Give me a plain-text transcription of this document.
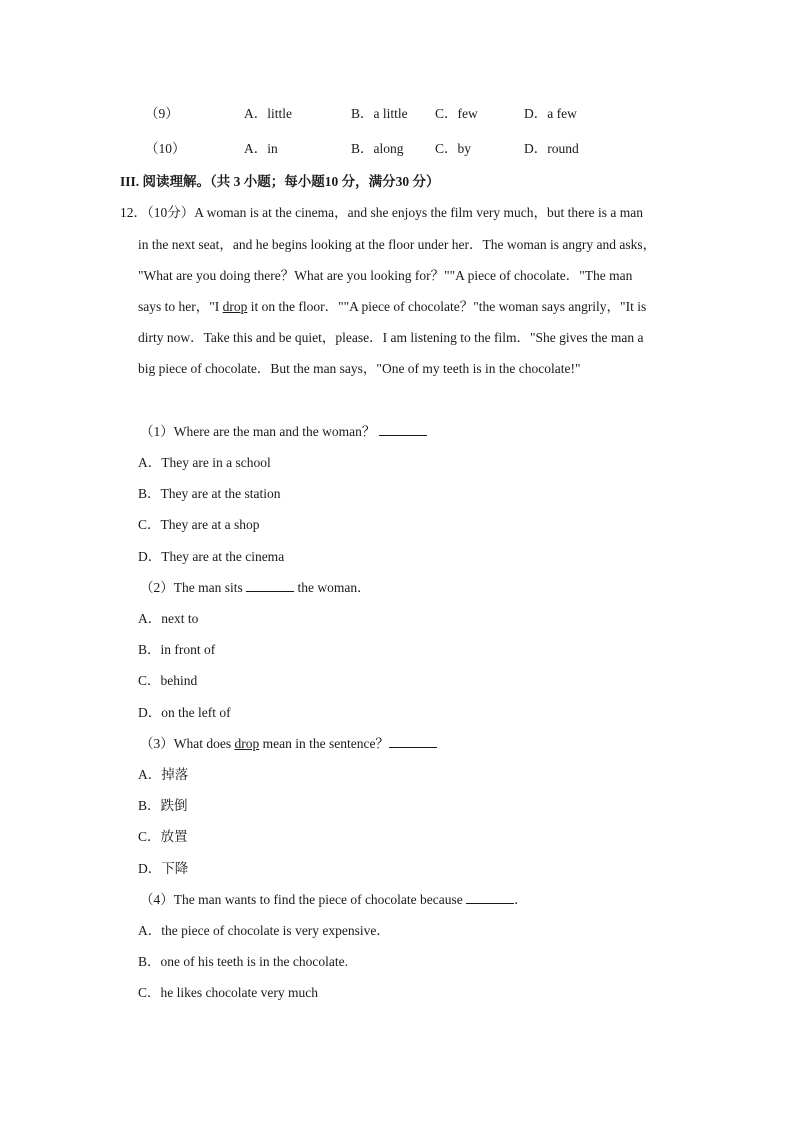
（9）	A．little	B．a little C．few	D．a few
（10）	A．in	B．along C．by	D．round
III. 阅读理解。（共 3 小题；每小题10 分，满分30 分）
12．（10分）A woman is at the cinema，and she enjoys the film very much，but there is a man
in the next seat，and he begins looking at the floor under her．The woman is angry and asks，
"What are you doing there？What are you looking for？""A piece of chocolate．"The man
says to her，"I drop it on the floor．""A piece of chocolate？"the woman says angrily，"It is
dirty now．Take this and be quiet，please．I am listening to the film．"She gives the man a
big piece of chocolate．But the man says，"One of my teeth is in the chocolate!"
（1）Where are the man and the woman？
A．They are in a school
B．They are at the station
C．They are at a shop
D．They are at the cinema
（2）The man sits	the woman．
A．next to
B．in front of
C．behind
D．on the left of
（3）What does drop mean in the sentence？
A．掉落
B．跌倒
C．放置
D．下降
（4）The man wants to find the piece of chocolate because	．
A．the piece of chocolate is very expensive．
B．one of his teeth is in the chocolate.
C．he likes chocolate very much
